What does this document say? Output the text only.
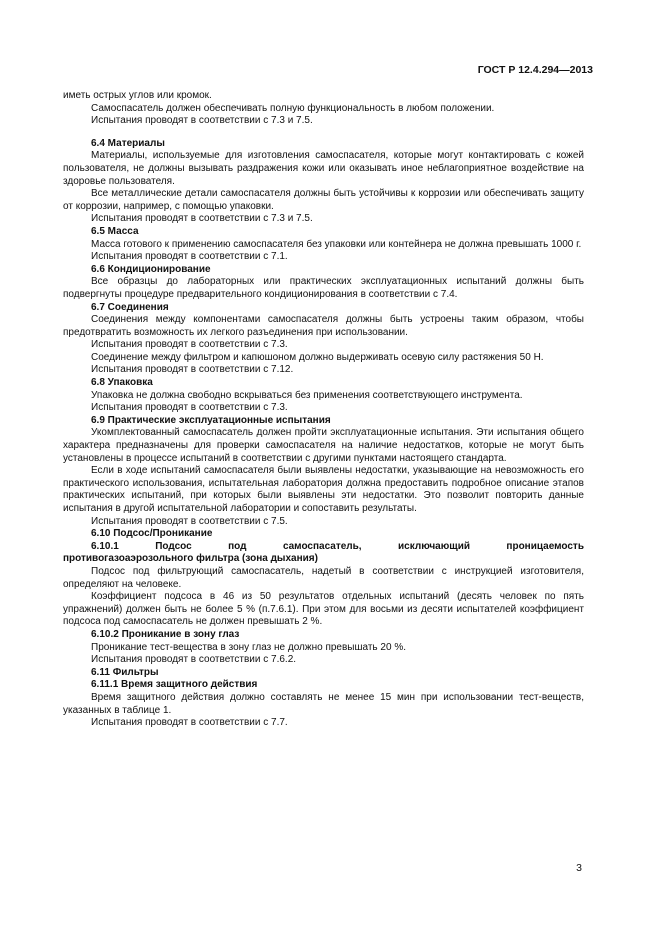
ГОСТ Р 12.4.294—2013

иметь острых углов или кромок.

Самоспасатель должен обеспечивать полную функциональность в любом положении.

Испытания проводят в соответствии с 7.3 и 7.5.

6.4 Материалы

Материалы, используемые для изготовления самоспасателя, которые могут контактировать с кожей пользователя, не должны вызывать раздражения кожи или оказывать иное неблагоприятное воздействие на здоровье пользователя.

Все металлические детали самоспасателя должны быть устойчивы к коррозии или обеспечивать защиту от коррозии, например, с помощью упаковки.

Испытания проводят в соответствии с 7.3 и 7.5.

6.5 Масса

Масса готового к применению самоспасателя без упаковки или контейнера не должна превышать 1000 г.

Испытания проводят в соответствии с 7.1.

6.6 Кондиционирование

Все образцы до лабораторных или практических эксплуатационных испытаний должны быть подвергнуты процедуре предварительного кондиционирования в соответствии с 7.4.

6.7 Соединения

Соединения между компонентами самоспасателя должны быть устроены таким образом, чтобы предотвратить возможность их легкого разъединения при использовании.

Испытания проводят в соответствии с 7.3.

Соединение между фильтром и капюшоном должно выдерживать осевую силу растяжения 50 Н.

Испытания проводят в соответствии с 7.12.

6.8 Упаковка

Упаковка не должна свободно вскрываться без применения соответствующего инструмента.

Испытания проводят в соответствии с 7.3.

6.9 Практические эксплуатационные испытания

Укомплектованный самоспасатель должен пройти эксплуатационные испытания. Эти испытания общего характера предназначены для проверки самоспасателя на наличие недостатков, которые не могут быть установлены в процессе испытаний в соответствии с другими пунктами настоящего стандарта.

Если в ходе испытаний самоспасателя были выявлены недостатки, указывающие на невозможность его практического использования, испытательная лаборатория должна предоставить подробное описание этапов практических испытаний, при которых были выявлены эти недостатки. Это позволит повторить данные испытания в другой испытательной лаборатории и сопоставить результаты.

Испытания проводят в соответствии с 7.5.

6.10 Подсос/Проникание

6.10.1	Подсос	под	самоспасатель,	исключающий	проницаемость

противогазоаэрозольного фильтра (зона дыхания)

Подсос под фильтрующий самоспасатель, надетый в соответствии с инструкцией изготовителя, определяют на человеке.

Коэффициент подсоса в 46 из 50 результатов отдельных испытаний (десять человек по пять упражнений) должен быть не более 5 % (п.7.6.1). При этом для восьми из десяти испытателей коэффициент подсоса под самоспасатель не должен превышать 2 %.

6.10.2 Проникание в зону глаз

Проникание тест-вещества в зону глаз не должно превышать 20 %.

Испытания проводят в соответствии с 7.6.2.

6.11 Фильтры

6.11.1 Время защитного действия

Время защитного действия должно составлять не менее 15 мин при использовании тест-веществ, указанных в таблице 1.

Испытания проводят в соответствии с 7.7.

3
